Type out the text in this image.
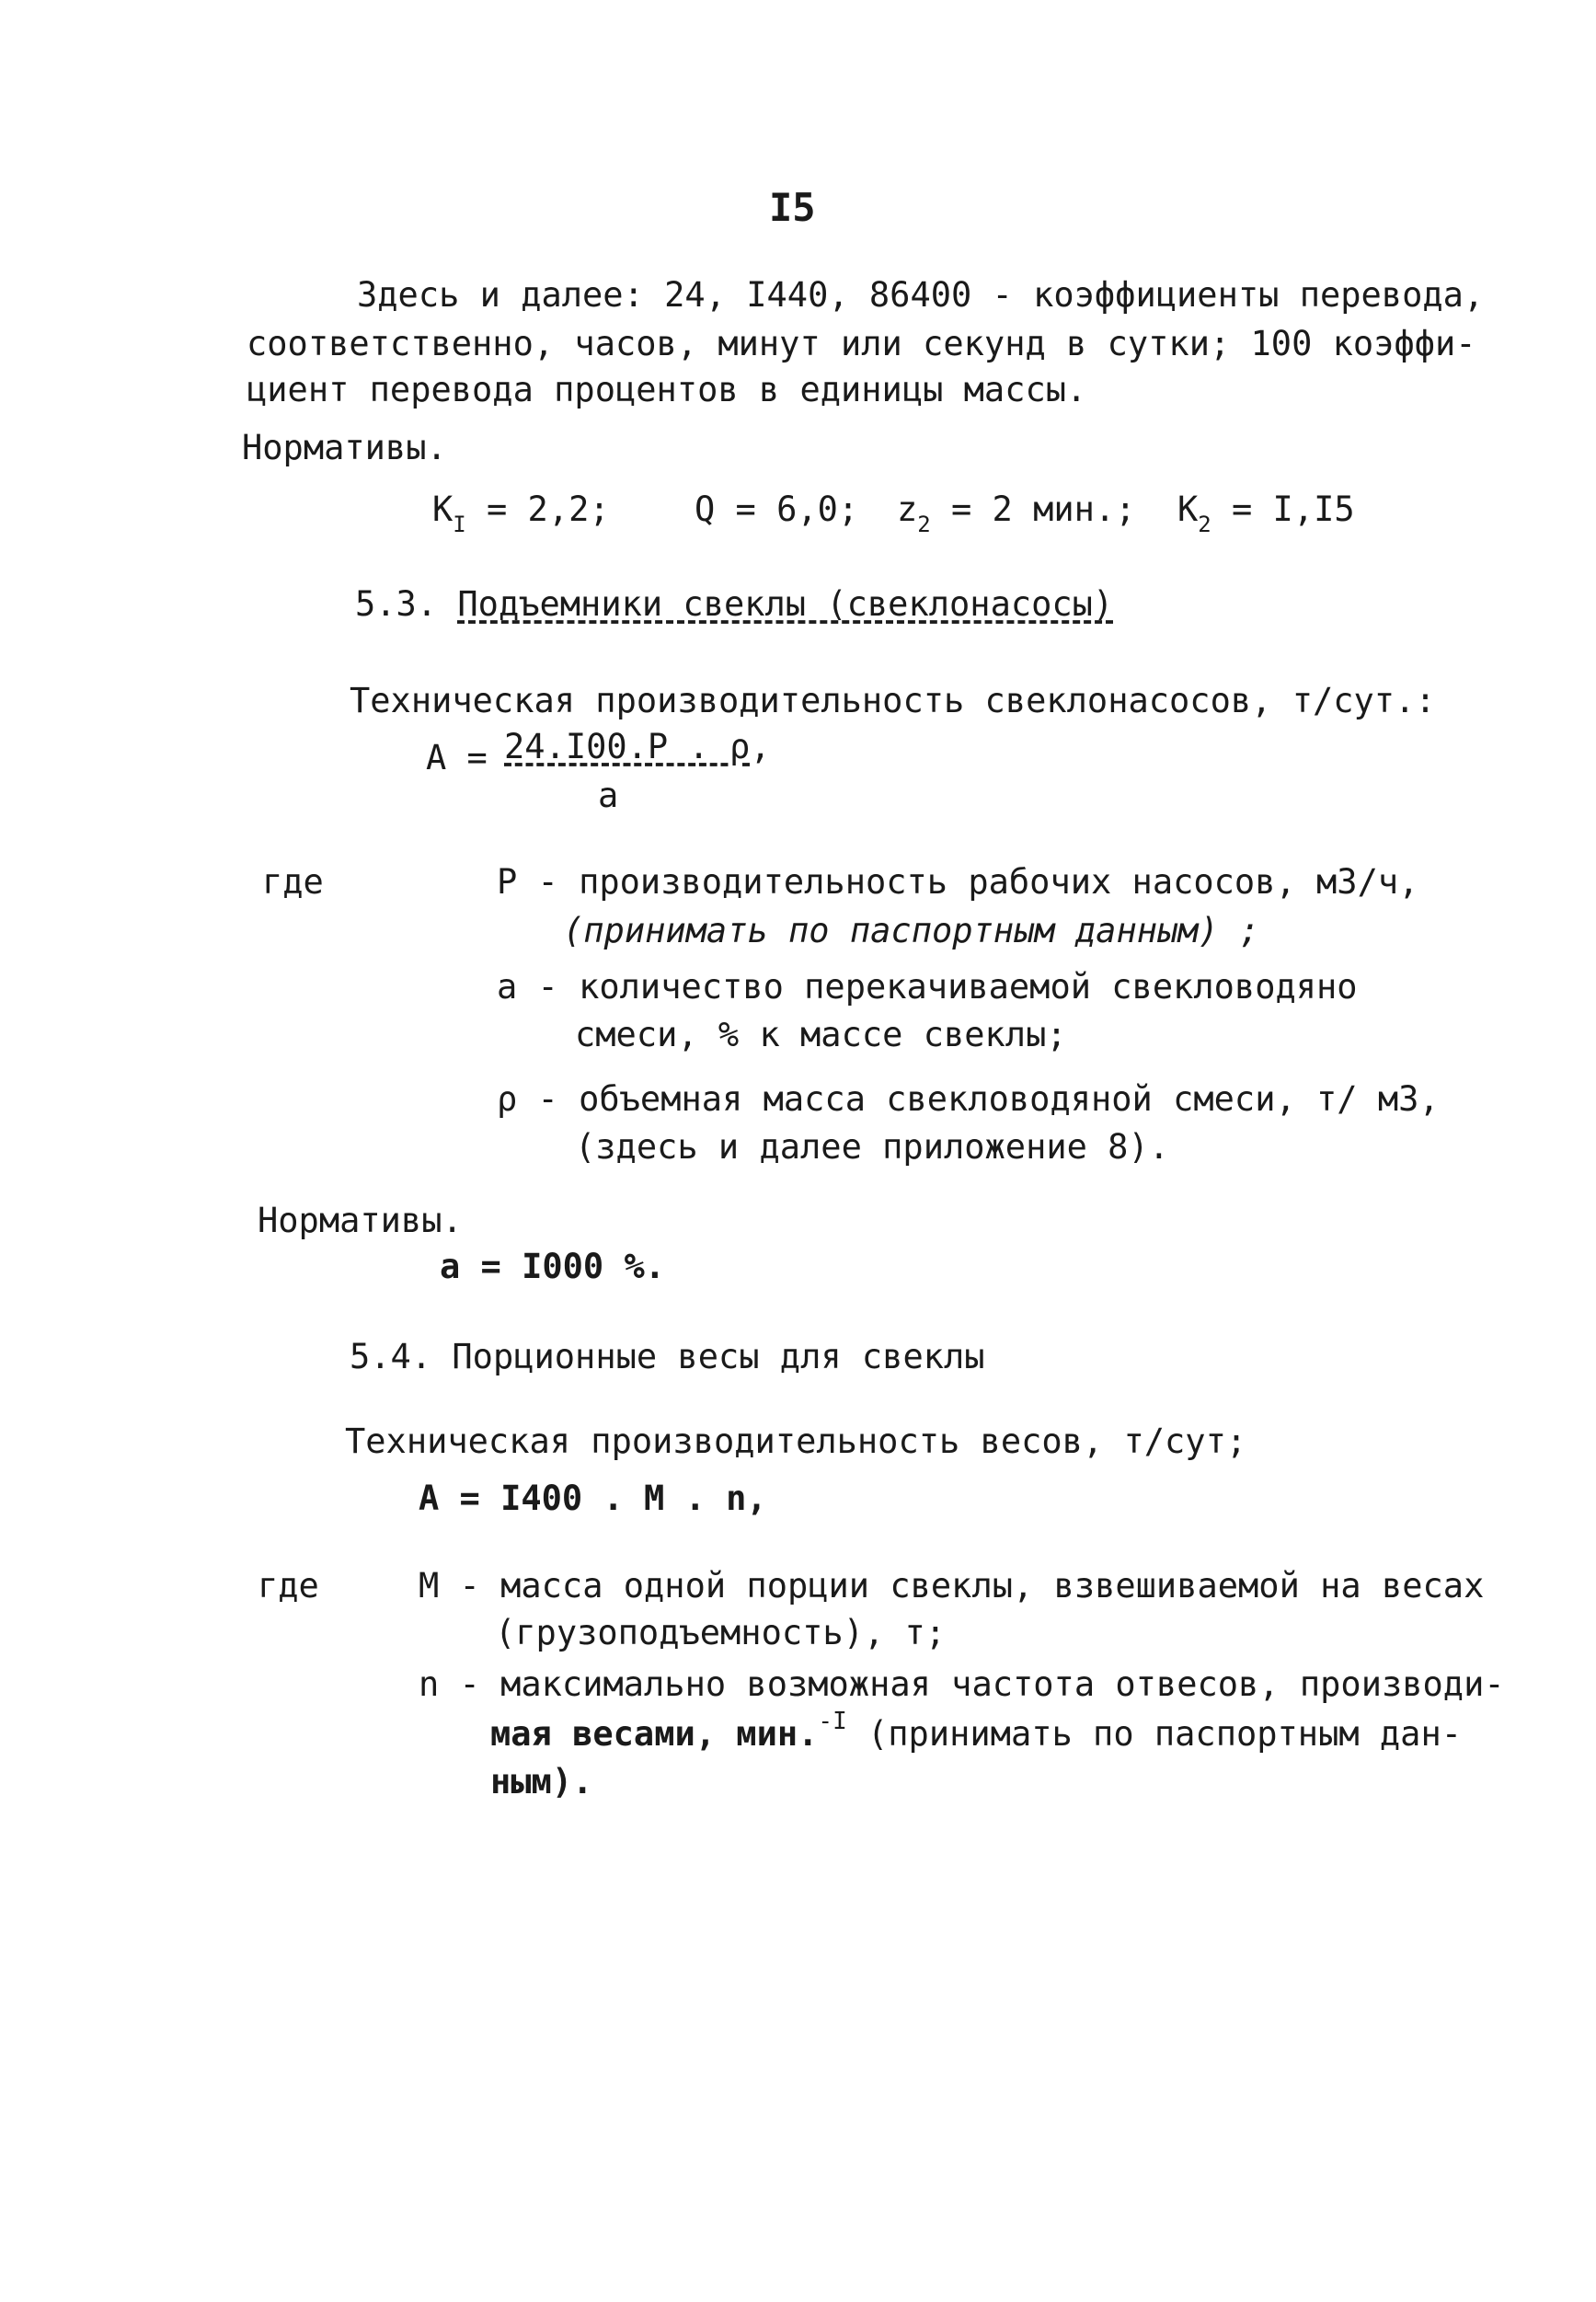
I5
Здесь и далее: 24, I440, 86400 - коэффициенты перевода,
соответственно, часов, минут или секунд в сутки; 100 коэффи-
циент перевода процентов в единицы массы.
Нормативы.
$K_I = 2,2$; Q = 6,0; $z_2 = 2$ мин.; $K_2 = I,I5$
5.3. Подъемники свеклы (свеклонасосы)
Техническая производительность свеклонасосов, т/сут.:
A = 24.I00.P . ρ,
a
где	P - производительность рабочих насосов, м3/ч,
(принимать по паспортным данным) ;
a - количество перекачиваемой свекловодяно
смеси, % к массе свеклы;
ρ - объемная масса свекловодяной смеси, т/ м3,
(здесь и далее приложение 8).
Нормативы.
a = I000 %.
5.4. Порционные весы для свеклы
Техническая производительность весов, т/сут;
A = I400 . M . n,
где	M - масса одной порции свеклы, взвешиваемой на весах
(грузоподъемность), т;
n - максимально возможная частота отвесов, производи-
мая весами, мин.$^{-I}$ (принимать по паспортным дан-
ным).
